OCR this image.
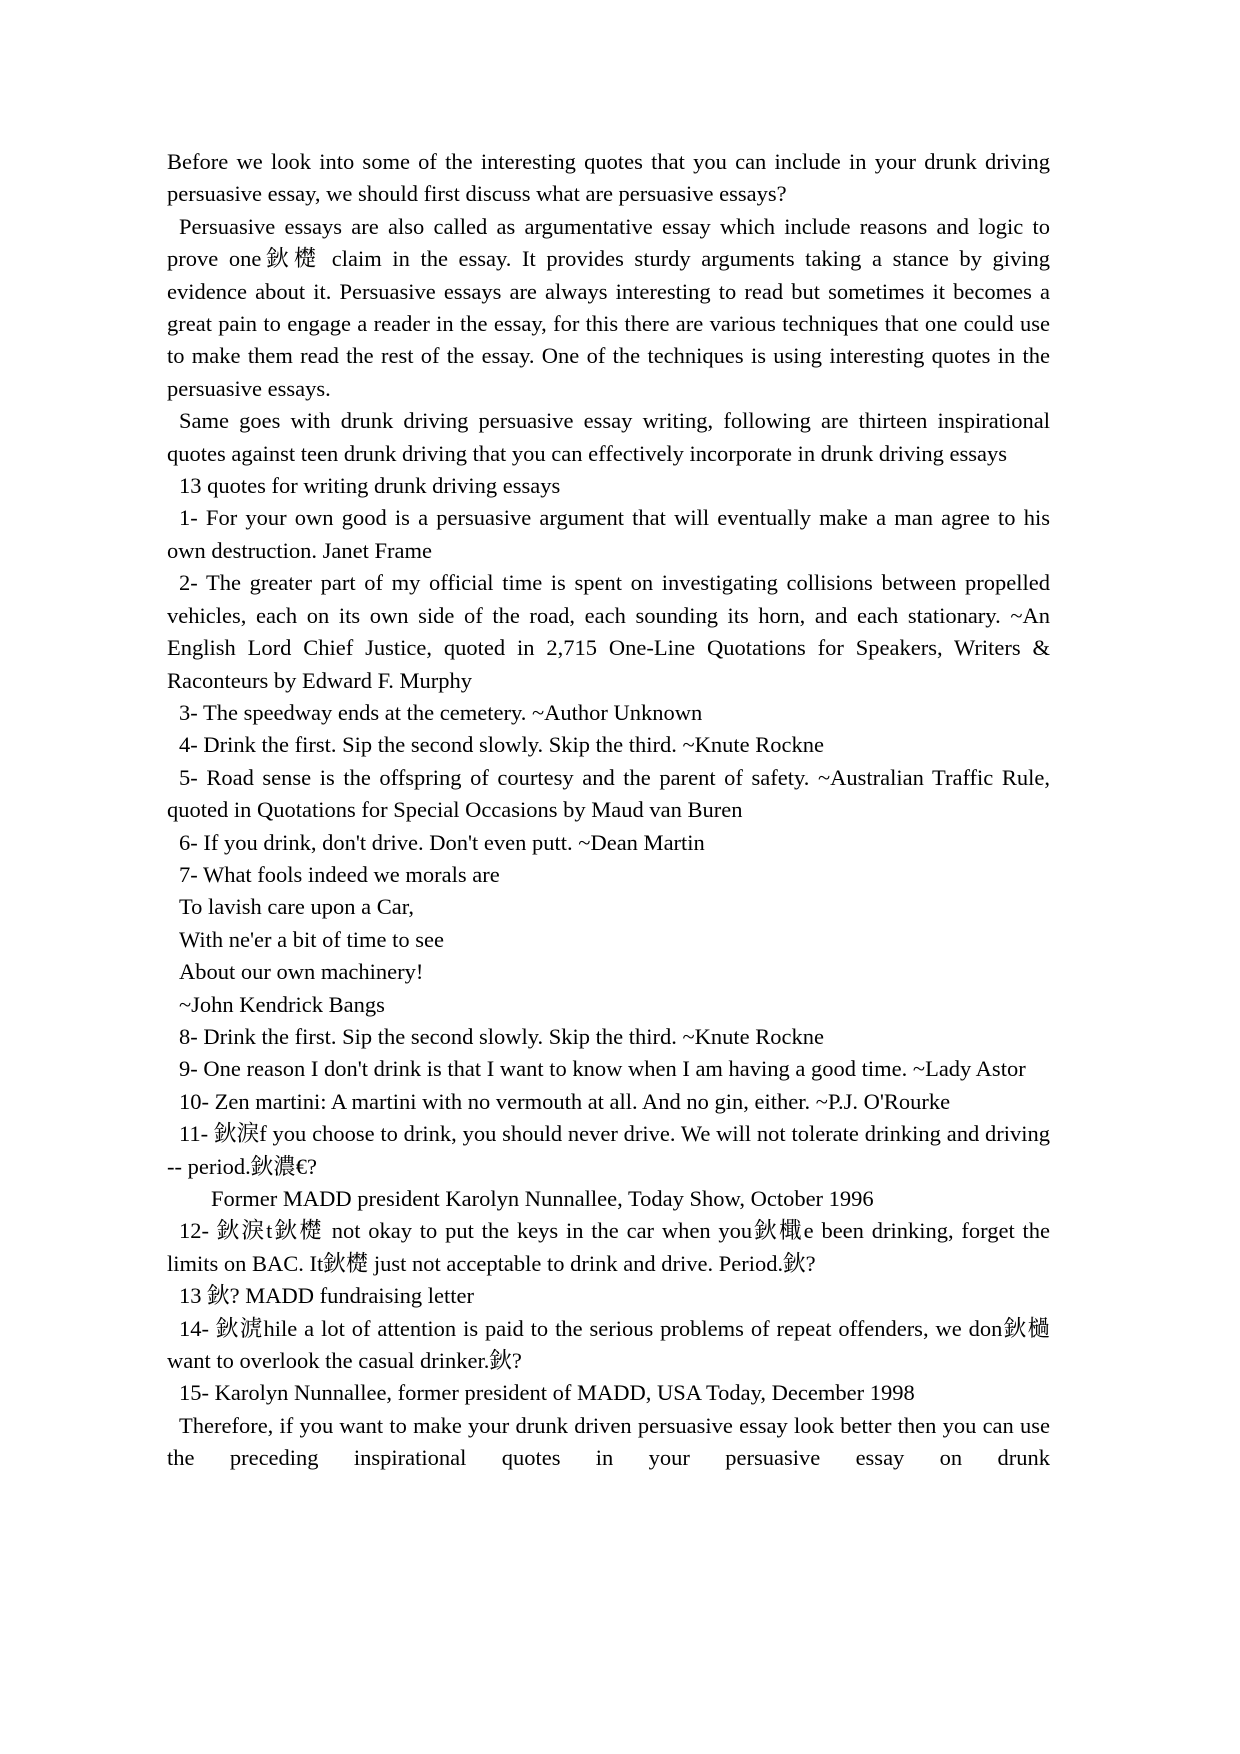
Before we look into some of the interesting quotes that you can include in your drunk driving persuasive essay, we should first discuss what are persuasive essays?

Persuasive essays are also called as argumentative essay which include reasons and logic to prove one鈥檚 claim in the essay. It provides sturdy arguments taking a stance by giving evidence about it. Persuasive essays are always interesting to read but sometimes it becomes a great pain to engage a reader in the essay, for this there are various techniques that one could use to make them read the rest of the essay. One of the techniques is using interesting quotes in the persuasive essays.

Same goes with drunk driving persuasive essay writing, following are thirteen inspirational quotes against teen drunk driving that you can effectively incorporate in drunk driving essays

13 quotes for writing drunk driving essays

1- For your own good is a persuasive argument that will eventually make a man agree to his own destruction. Janet Frame

2- The greater part of my official time is spent on investigating collisions between propelled vehicles, each on its own side of the road, each sounding its horn, and each stationary. ~An English Lord Chief Justice, quoted in 2,715 One-Line Quotations for Speakers, Writers & Raconteurs by Edward F. Murphy

3- The speedway ends at the cemetery. ~Author Unknown

4- Drink the first. Sip the second slowly. Skip the third. ~Knute Rockne

5- Road sense is the offspring of courtesy and the parent of safety. ~Australian Traffic Rule, quoted in Quotations for Special Occasions by Maud van Buren

6- If you drink, don't drive. Don't even putt. ~Dean Martin

7- What fools indeed we morals are

To lavish care upon a Car,

With ne'er a bit of time to see

About our own machinery!

~John Kendrick Bangs

8- Drink the first. Sip the second slowly. Skip the third. ~Knute Rockne

9- One reason I don't drink is that I want to know when I am having a good time. ~Lady Astor

10- Zen martini: A martini with no vermouth at all. And no gin, either. ~P.J. O'Rourke

11- 鈥淚f you choose to drink, you should never drive. We will not tolerate drinking and driving -- period.鈥濃€?

Former MADD president Karolyn Nunnallee, Today Show, October 1996

12- 鈥淚t鈥檚 not okay to put the keys in the car when you鈥檝e been drinking, forget the limits on BAC. It鈥檚 just not acceptable to drink and drive. Period.鈥?

13 鈥? MADD fundraising letter

14- 鈥淲hile a lot of attention is paid to the serious problems of repeat offenders, we don鈥檛 want to overlook the casual drinker.鈥?

15- Karolyn Nunnallee, former president of MADD, USA Today, December 1998

Therefore, if you want to make your drunk driven persuasive essay look better then you can use the preceding inspirational quotes in your persuasive essay on drunk
